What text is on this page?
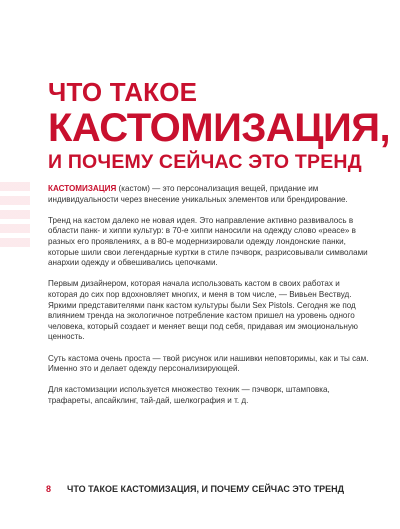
ЧТО ТАКОЕ
КАСТОМИЗАЦИЯ,
И ПОЧЕМУ СЕЙЧАС ЭТО ТРЕНД

КАСТОМИЗАЦИЯ (кастом) — это персонализация вещей, придание им индивидуальности через внесение уникальных элементов или брендирование.

Тренд на кастом далеко не новая идея. Это направление активно развивалось в области панк- и хиппи культур: в 70-е хиппи наносили на одежду слово «peace» в разных его проявлениях, а в 80-е модернизировали одежду лондонские панки, которые шили свои легендарные куртки в стиле пэчворк, разрисовывали символами анархии одежду и обвешивались цепочками.

Первым дизайнером, которая начала использовать кастом в своих работах и которая до сих пор вдохновляет многих, и меня в том числе, — Вивьен Вествуд. Яркими представителями панк кастом культуры были Sex Pistols. Сегодня же под влиянием тренда на экологичное потребление кастом пришел на уровень одного человека, который создает и меняет вещи под себя, придавая им эмоциональную ценность.

Суть кастома очень проста — твой рисунок или нашивки неповторимы, как и ты сам. Именно это и делает одежду персонализирующей.

Для кастомизации используется множество техник — пэчворк, штамповка, трафареты, апсайклинг, тай-дай, шелкография и т. д.

8 ЧТО ТАКОЕ КАСТОМИЗАЦИЯ, И ПОЧЕМУ СЕЙЧАС ЭТО ТРЕНД
